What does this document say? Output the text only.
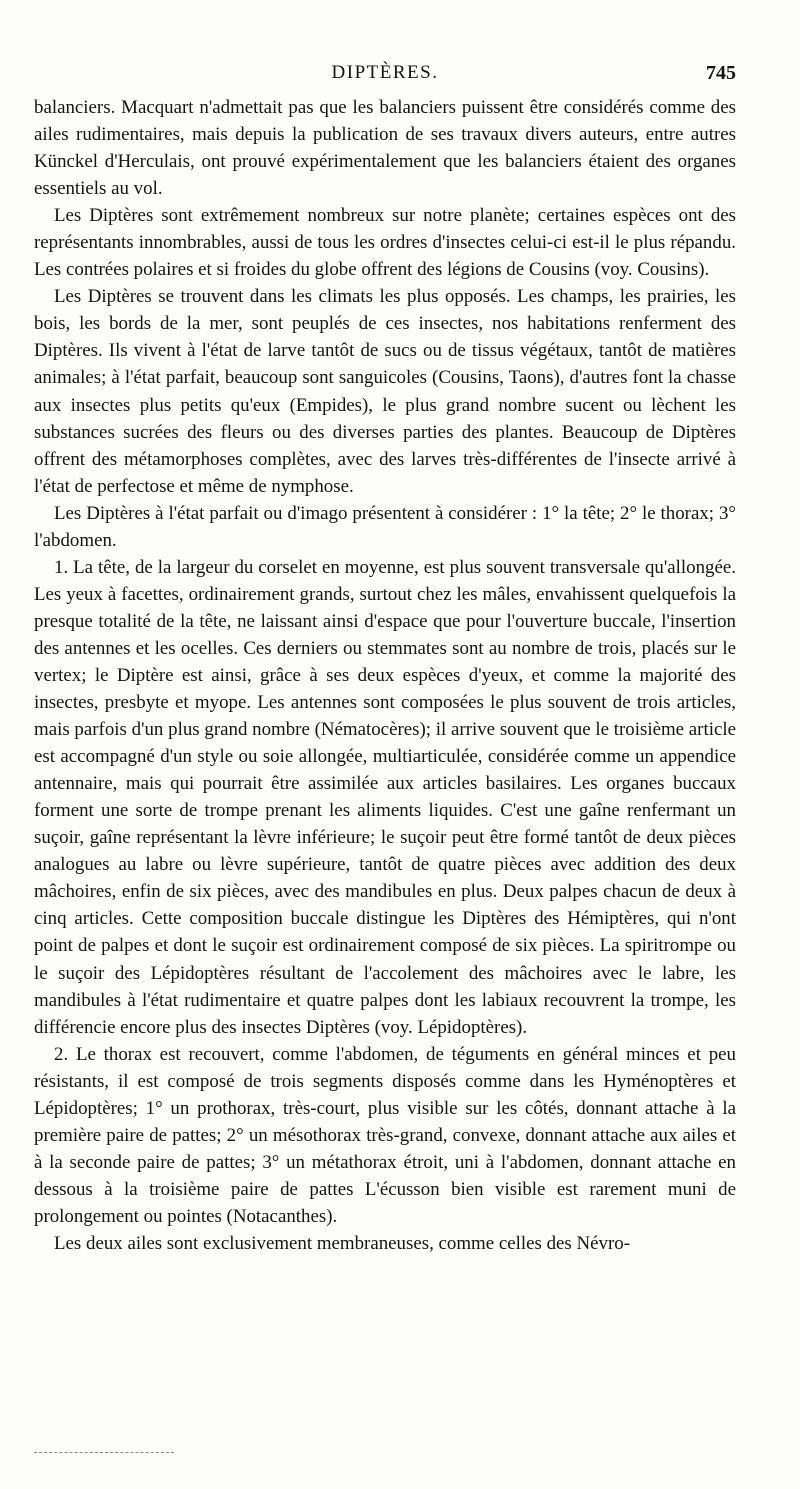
DIPTÈRES.	745

balanciers. Macquart n'admettait pas que les balanciers puissent être considérés comme des ailes rudimentaires, mais depuis la publication de ses travaux divers auteurs, entre autres Künckel d'Herculais, ont prouvé expérimentalement que les balanciers étaient des organes essentiels au vol.

Les Diptères sont extrêmement nombreux sur notre planète; certaines espèces ont des représentants innombrables, aussi de tous les ordres d'insectes celui-ci est-il le plus répandu. Les contrées polaires et si froides du globe offrent des légions de Cousins (voy. Cousins).

Les Diptères se trouvent dans les climats les plus opposés. Les champs, les prairies, les bois, les bords de la mer, sont peuplés de ces insectes, nos habitations renferment des Diptères. Ils vivent à l'état de larve tantôt de sucs ou de tissus végétaux, tantôt de matières animales; à l'état parfait, beaucoup sont sanguicoles (Cousins, Taons), d'autres font la chasse aux insectes plus petits qu'eux (Empides), le plus grand nombre sucent ou lèchent les substances sucrées des fleurs ou des diverses parties des plantes. Beaucoup de Diptères offrent des métamorphoses complètes, avec des larves très-différentes de l'insecte arrivé à l'état de perfectose et même de nymphose.

Les Diptères à l'état parfait ou d'imago présentent à considérer : 1° la tête; 2° le thorax; 3° l'abdomen.

1. La tête, de la largeur du corselet en moyenne, est plus souvent transversale qu'allongée. Les yeux à facettes, ordinairement grands, surtout chez les mâles, envahissent quelquefois la presque totalité de la tête, ne laissant ainsi d'espace que pour l'ouverture buccale, l'insertion des antennes et les ocelles. Ces derniers ou stemmates sont au nombre de trois, placés sur le vertex; le Diptère est ainsi, grâce à ses deux espèces d'yeux, et comme la majorité des insectes, presbyte et myope. Les antennes sont composées le plus souvent de trois articles, mais parfois d'un plus grand nombre (Nématocères); il arrive souvent que le troisième article est accompagné d'un style ou soie allongée, multiarticulée, considérée comme un appendice antennaire, mais qui pourrait être assimilée aux articles basilaires. Les organes buccaux forment une sorte de trompe prenant les aliments liquides. C'est une gaîne renfermant un suçoir, gaîne représentant la lèvre inférieure; le suçoir peut être formé tantôt de deux pièces analogues au labre ou lèvre supérieure, tantôt de quatre pièces avec addition des deux mâchoires, enfin de six pièces, avec des mandibules en plus. Deux palpes chacun de deux à cinq articles. Cette composition buccale distingue les Diptères des Hémiptères, qui n'ont point de palpes et dont le suçoir est ordinairement composé de six pièces. La spiritrompe ou le suçoir des Lépidoptères résultant de l'accolement des mâchoires avec le labre, les mandibules à l'état rudimentaire et quatre palpes dont les labiaux recouvrent la trompe, les différencie encore plus des insectes Diptères (voy. Lépidoptères).

2. Le thorax est recouvert, comme l'abdomen, de téguments en général minces et peu résistants, il est composé de trois segments disposés comme dans les Hyménoptères et Lépidoptères; 1° un prothorax, très-court, plus visible sur les côtés, donnant attache à la première paire de pattes; 2° un mésothorax très-grand, convexe, donnant attache aux ailes et à la seconde paire de pattes; 3° un métathorax étroit, uni à l'abdomen, donnant attache en dessous à la troisième paire de pattes L'écusson bien visible est rarement muni de prolongement ou pointes (Notacanthes).

Les deux ailes sont exclusivement membraneuses, comme celles des Névro-
